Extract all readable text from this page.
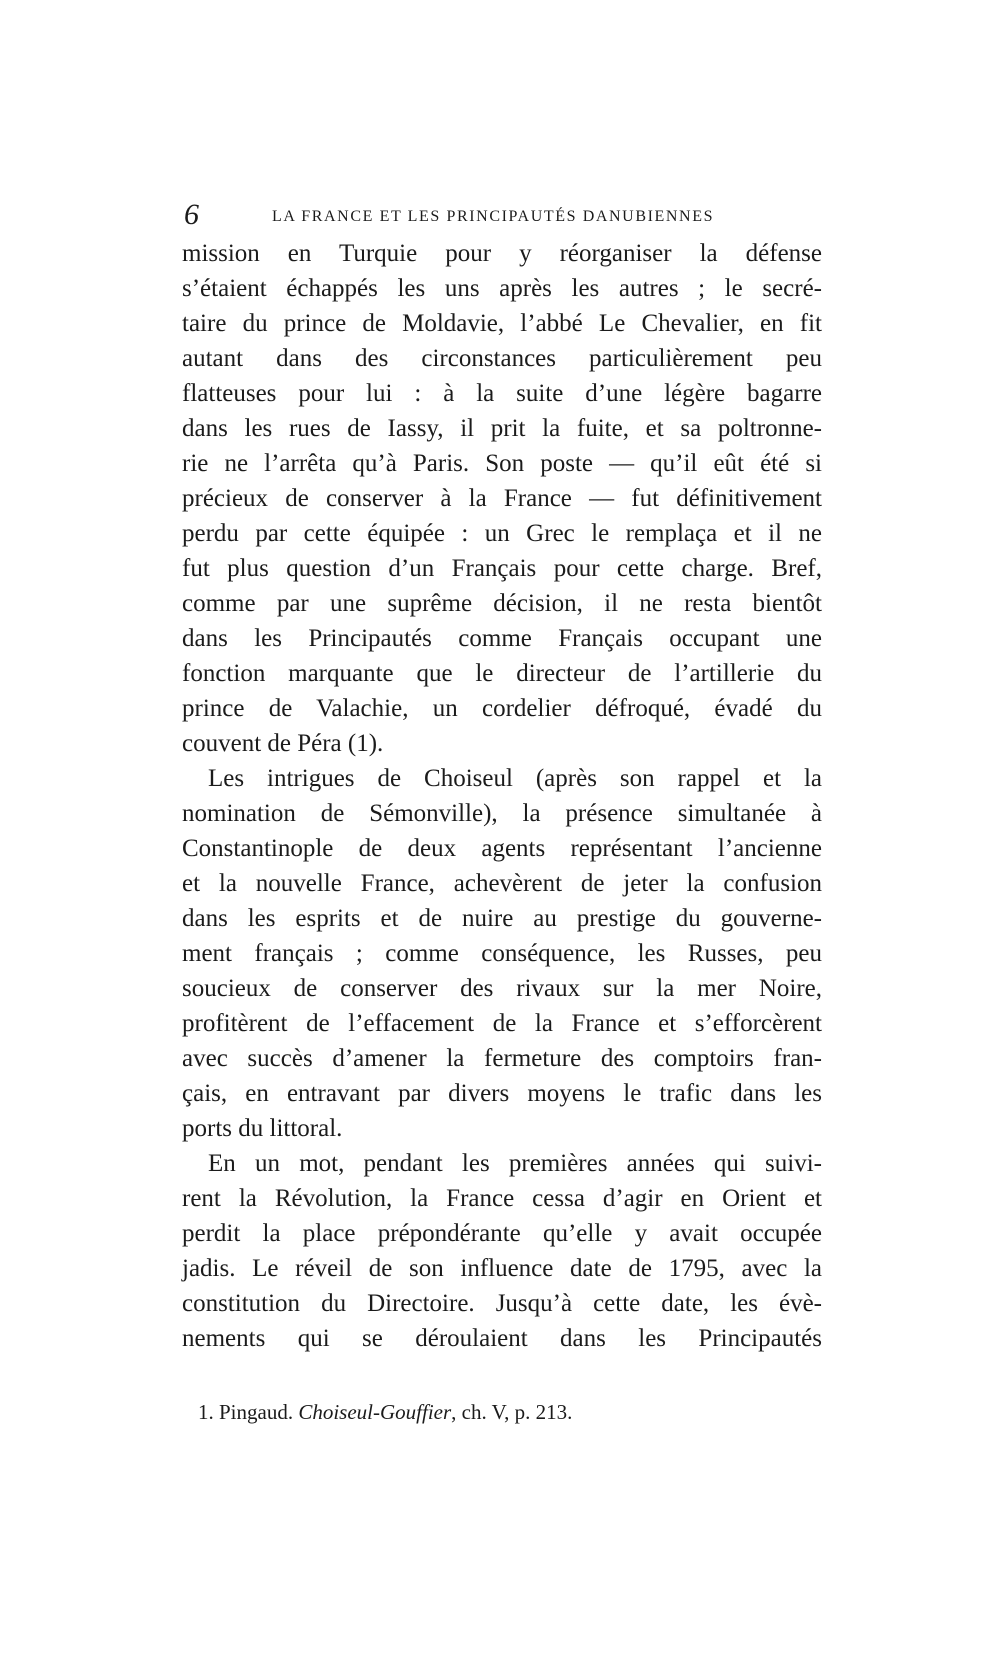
6	LA FRANCE ET LES PRINCIPAUTÉS DANUBIENNES
mission en Turquie pour y réorganiser la défense
s’étaient échappés les uns après les autres ; le secré-
taire du prince de Moldavie, l’abbé Le Chevalier, en fit
autant dans des circonstances particulièrement peu
flatteuses pour lui : à la suite d’une légère bagarre
dans les rues de Iassy, il prit la fuite, et sa poltronne-
rie ne l’arrêta qu’à Paris. Son poste — qu’il eût été si
précieux de conserver à la France — fut définitivement
perdu par cette équipée : un Grec le remplaça et il ne
fut plus question d’un Français pour cette charge. Bref,
comme par une suprême décision, il ne resta bientôt
dans les Principautés comme Français occupant une
fonction marquante que le directeur de l’artillerie du
prince de Valachie, un cordelier défroqué, évadé du
couvent de Péra (1).
Les intrigues de Choiseul (après son rappel et la
nomination de Sémonville), la présence simultanée à
Constantinople de deux agents représentant l’ancienne
et la nouvelle France, achevèrent de jeter la confusion
dans les esprits et de nuire au prestige du gouverne-
ment français ; comme conséquence, les Russes, peu
soucieux de conserver des rivaux sur la mer Noire,
profitèrent de l’effacement de la France et s’efforcèrent
avec succès d’amener la fermeture des comptoirs fran-
çais, en entravant par divers moyens le trafic dans les
ports du littoral.
En un mot, pendant les premières années qui suivi-
rent la Révolution, la France cessa d’agir en Orient et
perdit la place prépondérante qu’elle y avait occupée
jadis. Le réveil de son influence date de 1795, avec la
constitution du Directoire. Jusqu’à cette date, les évè-
nements qui se déroulaient dans les Principautés
1. Pingaud. Choiseul-Gouffier, ch. V, p. 213.
